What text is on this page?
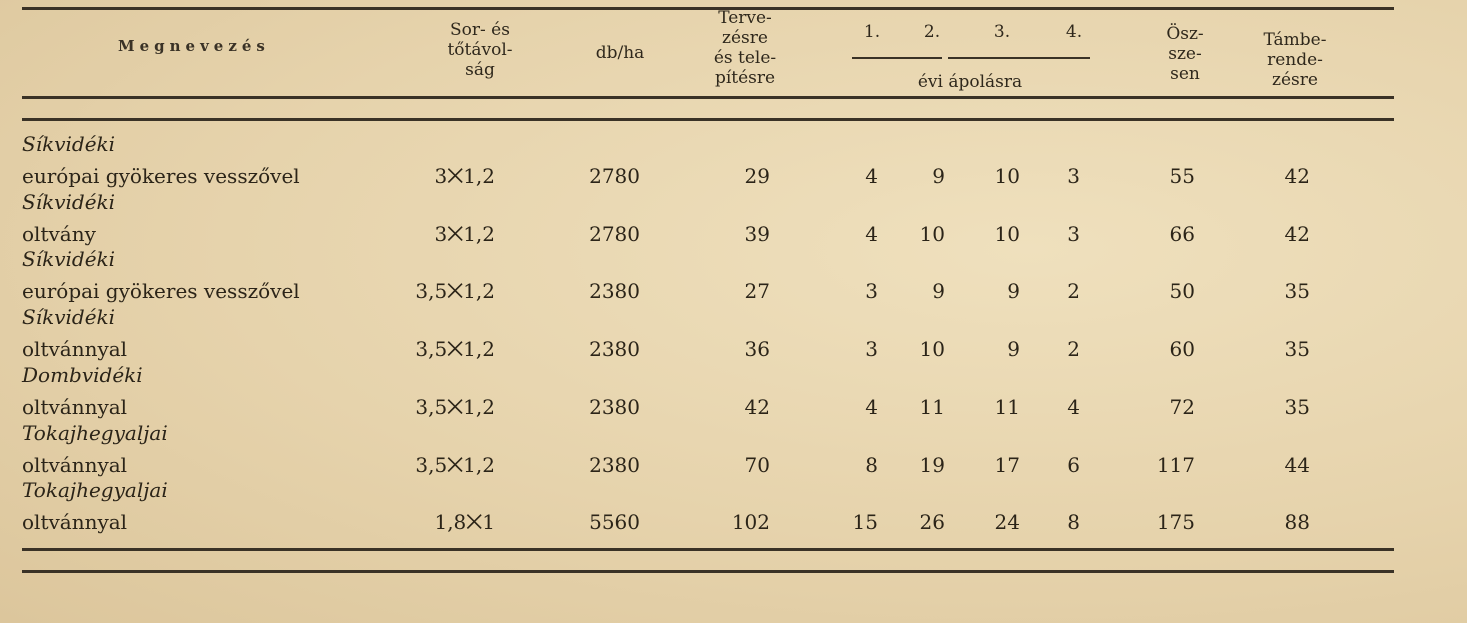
Megnevezés
Sor- és
tőtávol-
ság
db/ha
Terve-
zésre
és tele-
pítésre
1.	2.	3.	4.
évi ápolásra
Ösz-
sze-
sen
Támbe-
rende-
zésre
Síkvidéki
európai gyökeres vesszővel	3⨉1,2	2780	29	4	9	10	3	55	42
Síkvidéki
oltvány	3⨉1,2	2780	39	4	10	10	3	66	42
Síkvidéki
európai gyökeres vesszővel	3,5⨉1,2	2380	27	3	9	9	2	50	35
Síkvidéki
oltvánnyal	3,5⨉1,2	2380	36	3	10	9	2	60	35
Dombvidéki
oltvánnyal	3,5⨉1,2	2380	42	4	11	11	4	72	35
Tokajhegyaljai
oltvánnyal	3,5⨉1,2	2380	70	8	19	17	6	117	44
Tokajhegyaljai
oltvánnyal	1,8⨉1	5560	102	15	26	24	8	175	88
